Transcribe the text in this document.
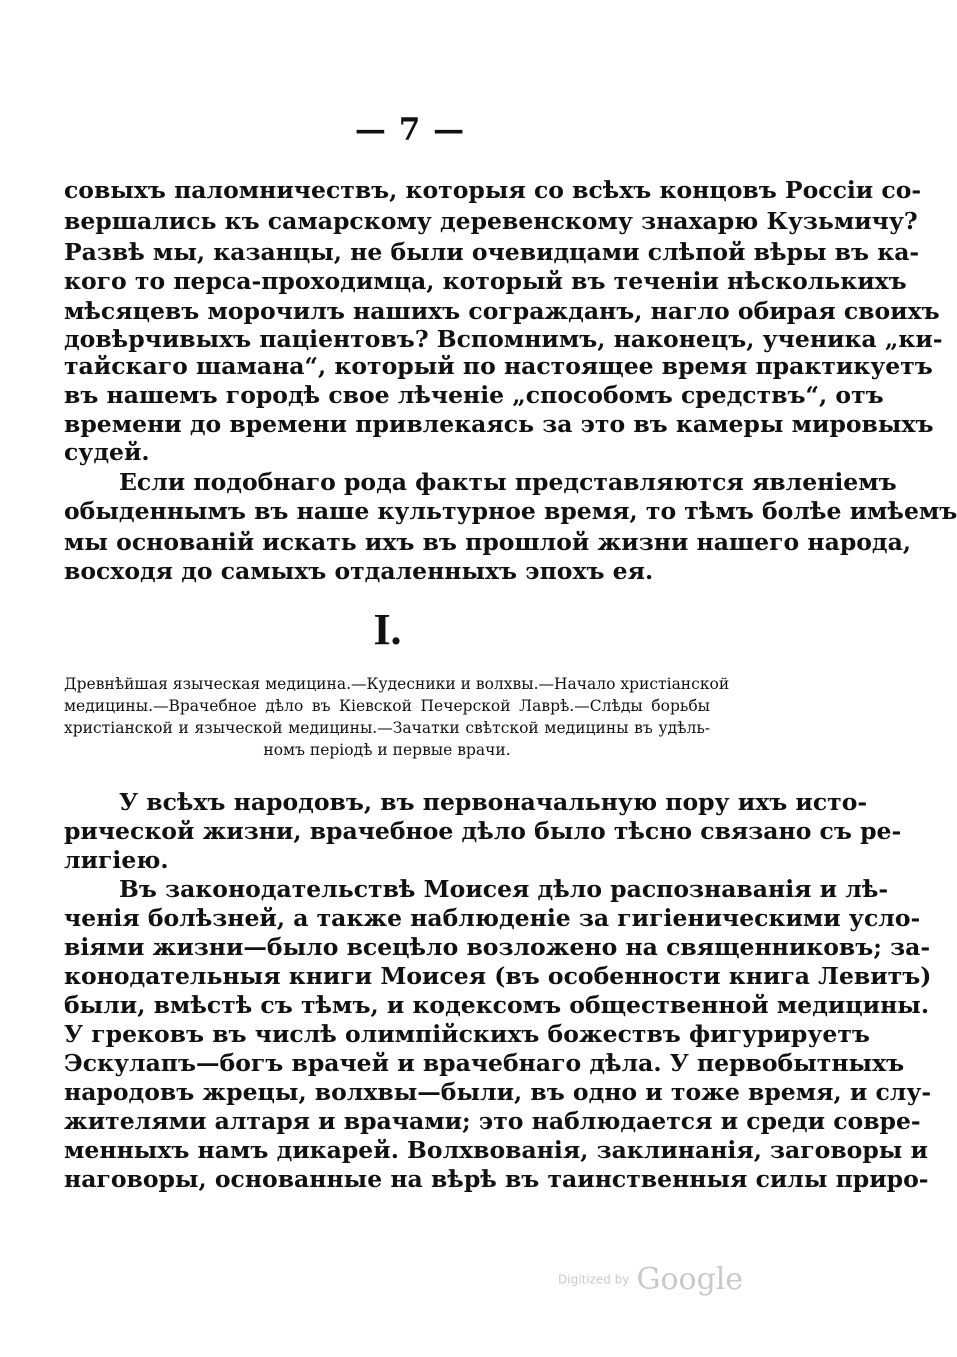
— 7 —
совыхъ паломничествъ, которыя со всѣхъ концовъ Россіи со-
вершались къ самарскому деревенскому знахарю Кузьмичу?
Развѣ мы, казанцы, не были очевидцами слѣпой вѣры въ ка-
кого то перса-проходимца, который въ теченіи нѣсколькихъ
мѣсяцевъ морочилъ нашихъ согражданъ, нагло обирая своихъ
довѣрчивыхъ паціентовъ? Вспомнимъ, наконецъ, ученика „ки-
тайскаго шамана“, который по настоящее время практикуетъ
въ нашемъ городѣ свое лѣченіе „способомъ средствъ“, отъ
времени до времени привлекаясь за это въ камеры мировыхъ
судей.
Если подобнаго рода факты представляются явленіемъ
обыденнымъ въ наше культурное время, то тѣмъ болѣе имѣемъ
мы основаній искать ихъ въ прошлой жизни нашего народа,
восходя до самыхъ отдаленныхъ эпохъ ея.
I.
Древнѣйшая языческая медицина.—Кудесники и волхвы.—Начало христіанской
медицины.—Врачебное дѣло въ Кіевской Печерской Лаврѣ.—Слѣды борьбы
христіанской и языческой медицины.—Зачатки свѣтской медицины въ удѣль-
номъ періодѣ и первые врачи.
У всѣхъ народовъ, въ первоначальную пору ихъ исто-
рической жизни, врачебное дѣло было тѣсно связано съ ре-
лигіею.
Въ законодательствѣ Моисея дѣло распознаванія и лѣ-
ченія болѣзней, а также наблюденіе за гигіеническими усло-
віями жизни—было всецѣло возложено на священниковъ; за-
конодательныя книги Моисея (въ особенности книга Левитъ)
были, вмѣстѣ съ тѣмъ, и кодексомъ общественной медицины.
У грековъ въ числѣ олимпійскихъ божествъ фигурируетъ
Эскулапъ—богъ врачей и врачебнаго дѣла. У первобытныхъ
народовъ жрецы, волхвы—были, въ одно и тоже время, и слу-
жителями алтаря и врачами; это наблюдается и среди совре-
менныхъ намъ дикарей. Волхвованія, заклинанія, заговоры и
наговоры, основанные на вѣрѣ въ таинственныя силы приро-
Digitized by Google
